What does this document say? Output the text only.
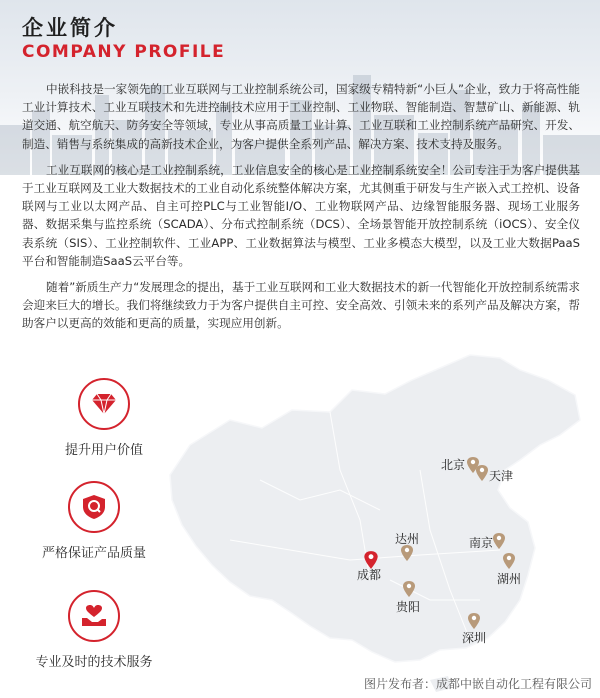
企业简介
COMPANY PROFILE

中嵌科技是一家领先的工业互联网与工业控制系统公司，国家级专精特新“小巨人”企业，致力于将高性能工业计算技术、工业互联技术和先进控制技术应用于工业控制、工业物联、智能制造、智慧矿山、新能源、轨道交通、航空航天、防务安全等领域，专业从事高质量工业计算、工业互联和工业控制系统产品研究、开发、制造、销售与系统集成的高新技术企业，为客户提供全系列产品、解决方案、技术支持及服务。

工业互联网的核心是工业控制系统，工业信息安全的核心是工业控制系统安全！公司专注于为客户提供基于工业互联网及工业大数据技术的工业自动化系统整体解决方案，尤其侧重于研发与生产嵌入式工控机、设备联网与工业以太网产品、自主可控PLC与工业智能I/O、工业物联网产品、边缘智能服务器、现场工业服务器、数据采集与监控系统（SCADA）、分布式控制系统（DCS）、全场景智能开放控制系统（iOCS）、安全仪表系统（SIS）、工业控制软件、工业APP、工业数据算法与模型、工业多模态大模型，以及工业大数据PaaS平台和智能制造SaaS云平台等。

随着”新质生产力“发展理念的提出，基于工业互联网和工业大数据技术的新一代智能化开放控制系统需求会迎来巨大的增长。我们将继续致力于为客户提供自主可控、安全高效、引领未来的系列产品及解决方案，帮助客户以更高的效能和更高的质量，实现应用创新。

提升用户价值
严格保证产品质量
专业及时的技术服务
北京
天津
达州	南京
成都	湖州
贵阳
深圳
图片发布者：成都中嵌自动化工程有限公司
